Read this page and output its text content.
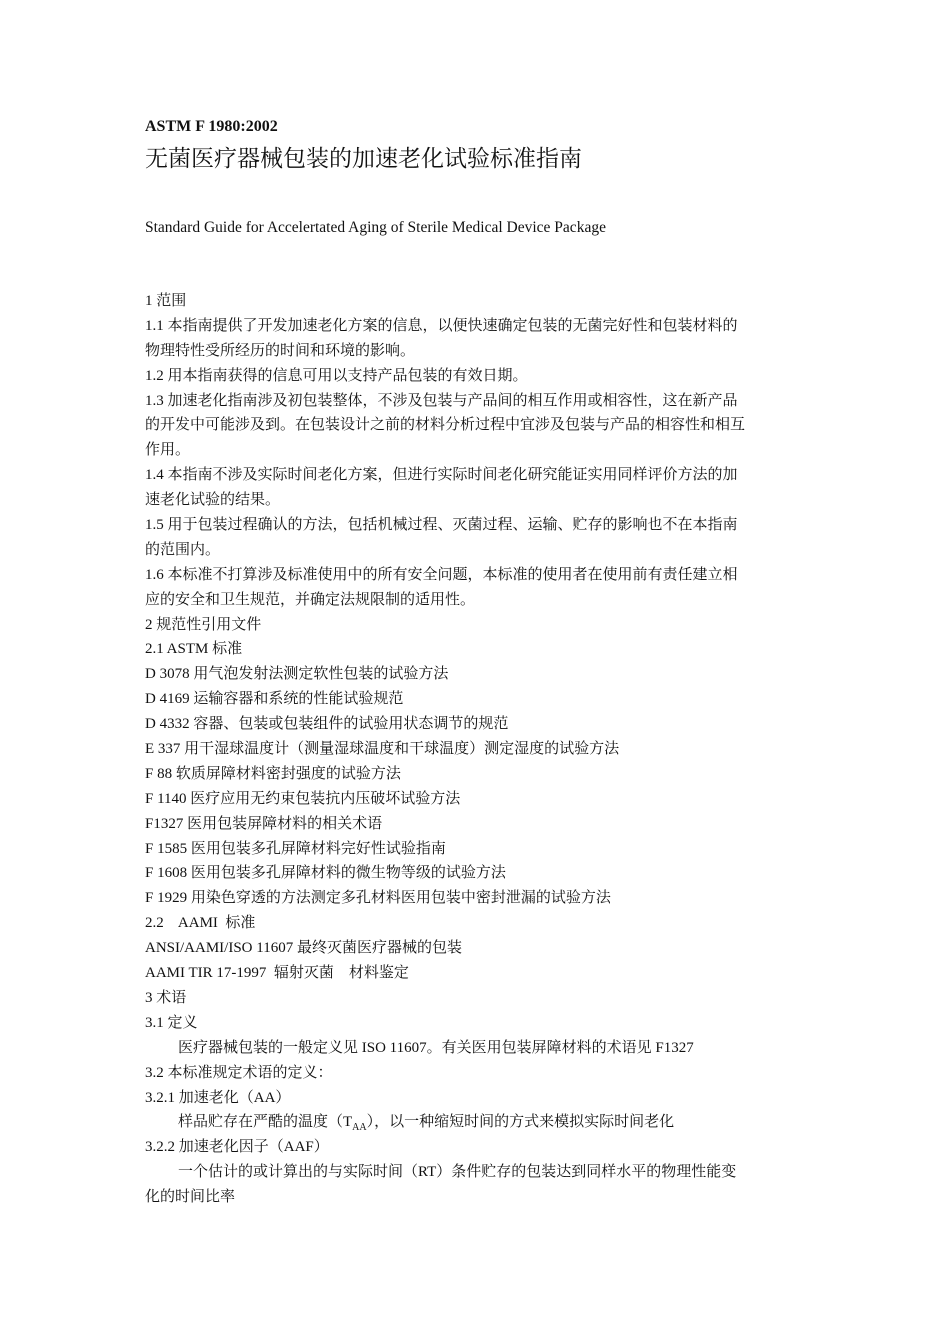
ASTM F 1980:2002
无菌医疗器械包装的加速老化试验标准指南
Standard Guide for Accelertated Aging of Sterile Medical Device Package
1 范围
1.1 本指南提供了开发加速老化方案的信息，以便快速确定包装的无菌完好性和包装材料的
物理特性受所经历的时间和环境的影响。
1.2 用本指南获得的信息可用以支持产品包装的有效日期。
1.3 加速老化指南涉及初包装整体，不涉及包装与产品间的相互作用或相容性，这在新产品
的开发中可能涉及到。在包装设计之前的材料分析过程中宜涉及包装与产品的相容性和相互
作用。
1.4 本指南不涉及实际时间老化方案，但进行实际时间老化研究能证实用同样评价方法的加
速老化试验的结果。
1.5 用于包装过程确认的方法，包括机械过程、灭菌过程、运输、贮存的影响也不在本指南
的范围内。
1.6 本标准不打算涉及标准使用中的所有安全问题，本标准的使用者在使用前有责任建立相
应的安全和卫生规范，并确定法规限制的适用性。
2 规范性引用文件
2.1 ASTM 标准
D 3078 用气泡发射法测定软性包装的试验方法
D 4169 运输容器和系统的性能试验规范
D 4332 容器、包装或包装组件的试验用状态调节的规范
E 337 用干湿球温度计（测量湿球温度和干球温度）测定湿度的试验方法
F 88 软质屏障材料密封强度的试验方法
F 1140 医疗应用无约束包装抗内压破坏试验方法
F1327 医用包装屏障材料的相关术语
F 1585 医用包装多孔屏障材料完好性试验指南
F 1608 医用包装多孔屏障材料的微生物等级的试验方法
F 1929 用染色穿透的方法测定多孔材料医用包装中密封泄漏的试验方法
2.2    AAMI  标准
ANSI/AAMI/ISO 11607 最终灭菌医疗器械的包装
AAMI TIR 17-1997  辐射灭菌    材料鉴定
3 术语
3.1 定义
医疗器械包装的一般定义见 ISO 11607。有关医用包装屏障材料的术语见 F1327
3.2 本标准规定术语的定义：
3.2.1 加速老化（AA）
样品贮存在严酷的温度$(T_{AA})$，以一种缩短时间的方式来模拟实际时间老化
3.2.2 加速老化因子（AAF）
一个估计的或计算出的与实际时间（RT）条件贮存的包装达到同样水平的物理性能变
化的时间比率
